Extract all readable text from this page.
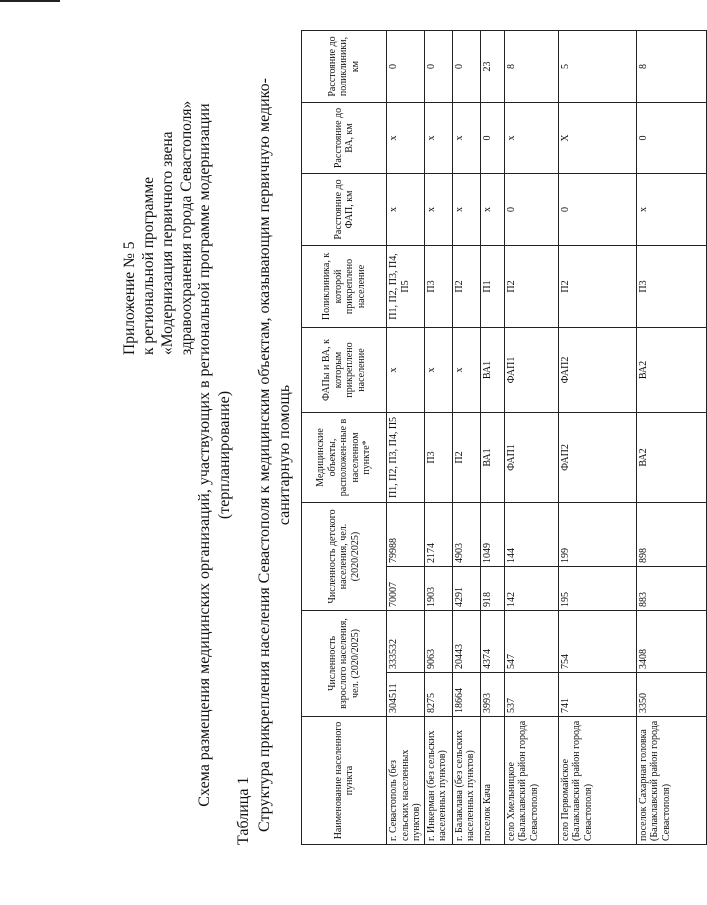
Приложение № 5 к региональной программе «Модернизация первичного звена здравоохранения города Севастополя» Схема размещения медицинских организаций, участвующих в региональной программе модернизации (терпланирование)
Таблица 1 Структура прикрепления населения Севастополя к медицинским объектам, оказывающим первичную медико- санитарную помощь
Наименование населенного пункта	Численность взрослого населения, чел. (2020/2025)		Численность детского населения, чел. (2020/2025)		Медицинские объекты, расположен-ные в населенном пункте*	ФАПы и ВА, к которым прикреплено население	Поликлиника, к которой прикреплено население	Расстояние до ФАП, км	Расстояние до ВА, км	Расстояние до поликлиники, км
г. Севастополь (без сельских населенных пунктов)	304511	333532	70007	79988	П1, П2, П3, П4, П5	х	П1, П2, П3, П4, П5	х	х	0
г. Инкерман (без сельских населенных пунктов)	8275	9063	1903	2174	П3	х	П3	х	х	0
г. Балаклава (без сельских населенных пунктов)	18664	20443	4291	4903	П2	х	П2	х	х	0
поселок Кача	3993	4374	918	1049	ВА1	ВА1	П1	х	0	23
село Хмельницкое (Балаклавский район города Севастополя)	537	547	142	144	ФАП1	ФАП1	П2	0	х	8
село Первомайское (Балаклавский район города Севастополя)	741	754	195	199	ФАП2	ФАП2	П2	0	Х	5
поселок Сахарная головка (Балаклавский район города Севастополя)	3350	3408	883	898	ВА2	ВА2	П3	х	0	8
